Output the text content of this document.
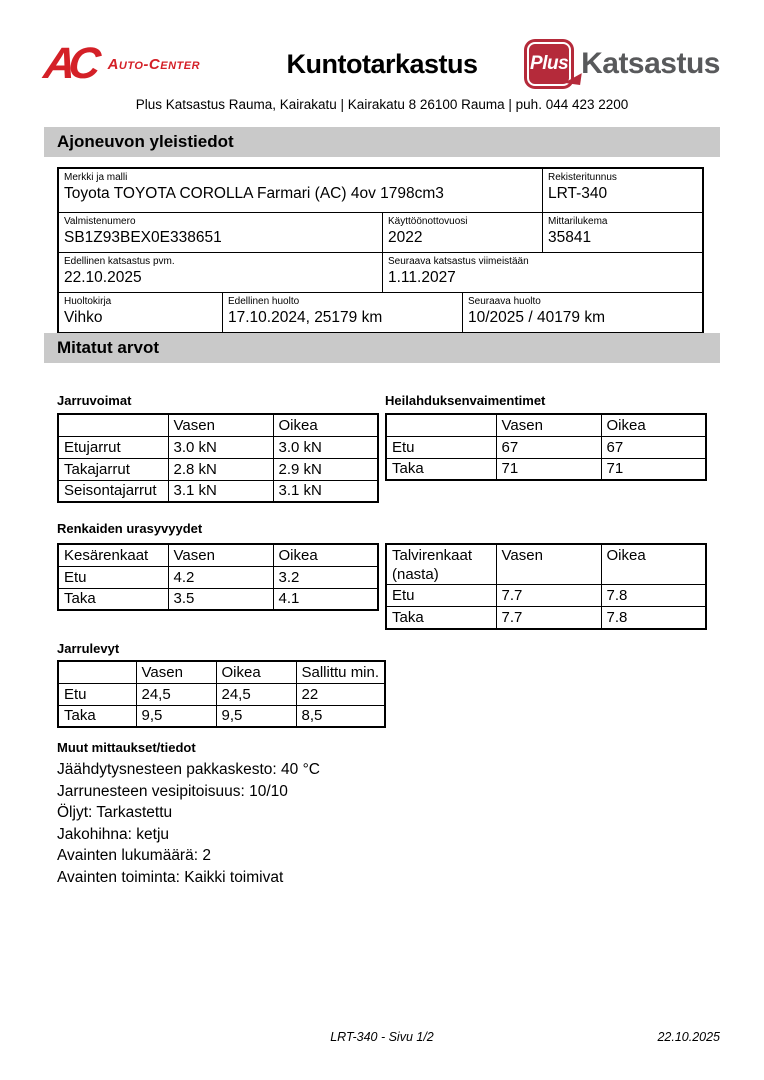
AC Auto-Center	Kuntotarkastus	Plus Katsastus
Plus Katsastus Rauma, Kairakatu | Kairakatu 8 26100 Rauma | puh. 044 423 2200
Ajoneuvon yleistiedot
Merkki ja malli
Toyota TOYOTA COROLLA Farmari (AC) 4ov 1798cm3
Rekisteritunnus
LRT-340
Valmistenumero
SB1Z93BEX0E338651
Käyttöönottovuosi
2022
Mittarilukema
35841
Edellinen katsastus pvm.
22.10.2025
Seuraava katsastus viimeistään
1.11.2027
Huoltokirja
Vihko
Edellinen huolto
17.10.2024, 25179 km
Seuraava huolto
10/2025 / 40179 km
Mitatut arvot
Jarruvoimat	Heilahduksenvaimentimet
	Vasen	Oikea
Etujarrut	3.0 kN	3.0 kN
Takajarrut	2.8 kN	2.9 kN
Seisontajarrut	3.1 kN	3.1 kN
	Vasen	Oikea
Etu	67	67
Taka	71	71
Renkaiden urasyvyydet
Kesärenkaat	Vasen	Oikea
Etu	4.2	3.2
Taka	3.5	4.1
Talvirenkaat (nasta)	Vasen	Oikea
Etu	7.7	7.8
Taka	7.7	7.8
Jarrulevyt
	Vasen	Oikea	Sallittu min.
Etu	24,5	24,5	22
Taka	9,5	9,5	8,5
Muut mittaukset/tiedot
Jäähdytysnesteen pakkaskesto: 40 °C
Jarrunesteen vesipitoisuus: 10/10
Öljyt: Tarkastettu
Jakohihna: ketju
Avainten lukumäärä: 2
Avainten toiminta: Kaikki toimivat
LRT-340 - Sivu 1/2	22.10.2025
